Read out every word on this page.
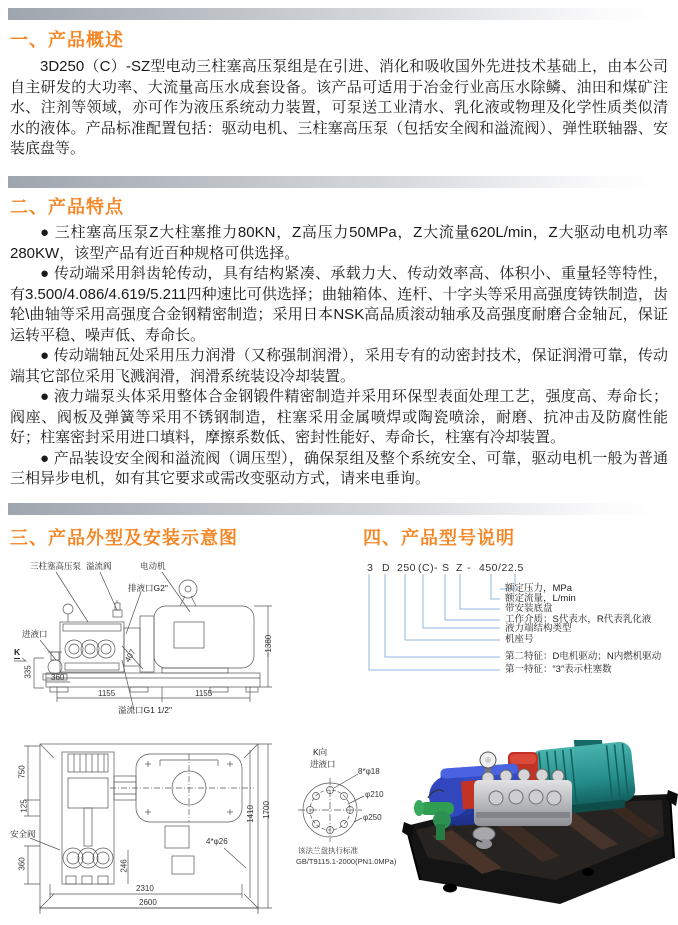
一、产品概述

3D250（C）-SZ型电动三柱塞高压泵组是在引进、消化和吸收国外先进技术基础上，由本公司自主研发的大功率、大流量高压水成套设备。该产品可适用于冶金行业高压水除鳞、油田和煤矿注水、注剂等领域，亦可作为液压系统动力装置，可泵送工业清水、乳化液或物理及化学性质类似清水的液体。产品标准配置包括：驱动电机、三柱塞高压泵（包括安全阀和溢流阀）、弹性联轴器、安装底盘等。

二、产品特点

● 三柱塞高压泵Z大柱塞推力80KN，Z高压力50MPa，Z大流量620L/min，Z大驱动电机功率280KW，该型产品有近百种规格可供选择。

● 传动端采用斜齿轮传动，具有结构紧凑、承载力大、传动效率高、体积小、重量轻等特性，有3.500/4.086/4.619/5.211四种速比可供选择；曲轴箱体、连杆、十字头等采用高强度铸铁制造，齿轮\曲轴等采用高强度合金钢精密制造；采用日本NSK高品质滚动轴承及高强度耐磨合金轴瓦，保证运转平稳、噪声低、寿命长。

● 传动端轴瓦处采用压力润滑（又称强制润滑），采用专有的动密封技术，保证润滑可靠，传动端其它部位采用飞溅润滑，润滑系统装设冷却装置。

● 液力端泵头体采用整体合金钢锻件精密制造并采用环保型表面处理工艺，强度高、寿命长；阀座、阀板及弹簧等采用不锈钢制造，柱塞采用金属喷焊或陶瓷喷涂，耐磨、抗冲击及防腐性能好；柱塞密封采用进口填料，摩擦系数低、密封性能好、寿命长，柱塞有冷却装置。

● 产品装设安全阀和溢流阀（调压型），确保泵组及整个系统安全、可靠，驱动电机一般为普通三相异步电机，如有其它要求或需改变驱动方式，请来电垂询。

三、产品外型及安装示意图	四、产品型号说明
三柱塞高压泵 溢流阀	电动机
排液口G2"
进液口
K
335 360
1155	1155
~1380
407
溢流口G1 1/2"
3 D 250 (C) - S Z - 450/22.5
额定压力，MPa
额定流量，L/min
带安装底盘
工作介质：S代表水，R代表乳化液
液力端结构类型
机座号
第二特征：D电机驱动；N内燃机驱动
第一特征：“3”表示柱塞数
750
125
安全阀
360	246
2310
2600
1410 1700
4*φ26
K向
进液口
8*φ18
φ210
φ250
该法兰盘执行标准
GB/T9115.1-2000(PN1.0MPa)
